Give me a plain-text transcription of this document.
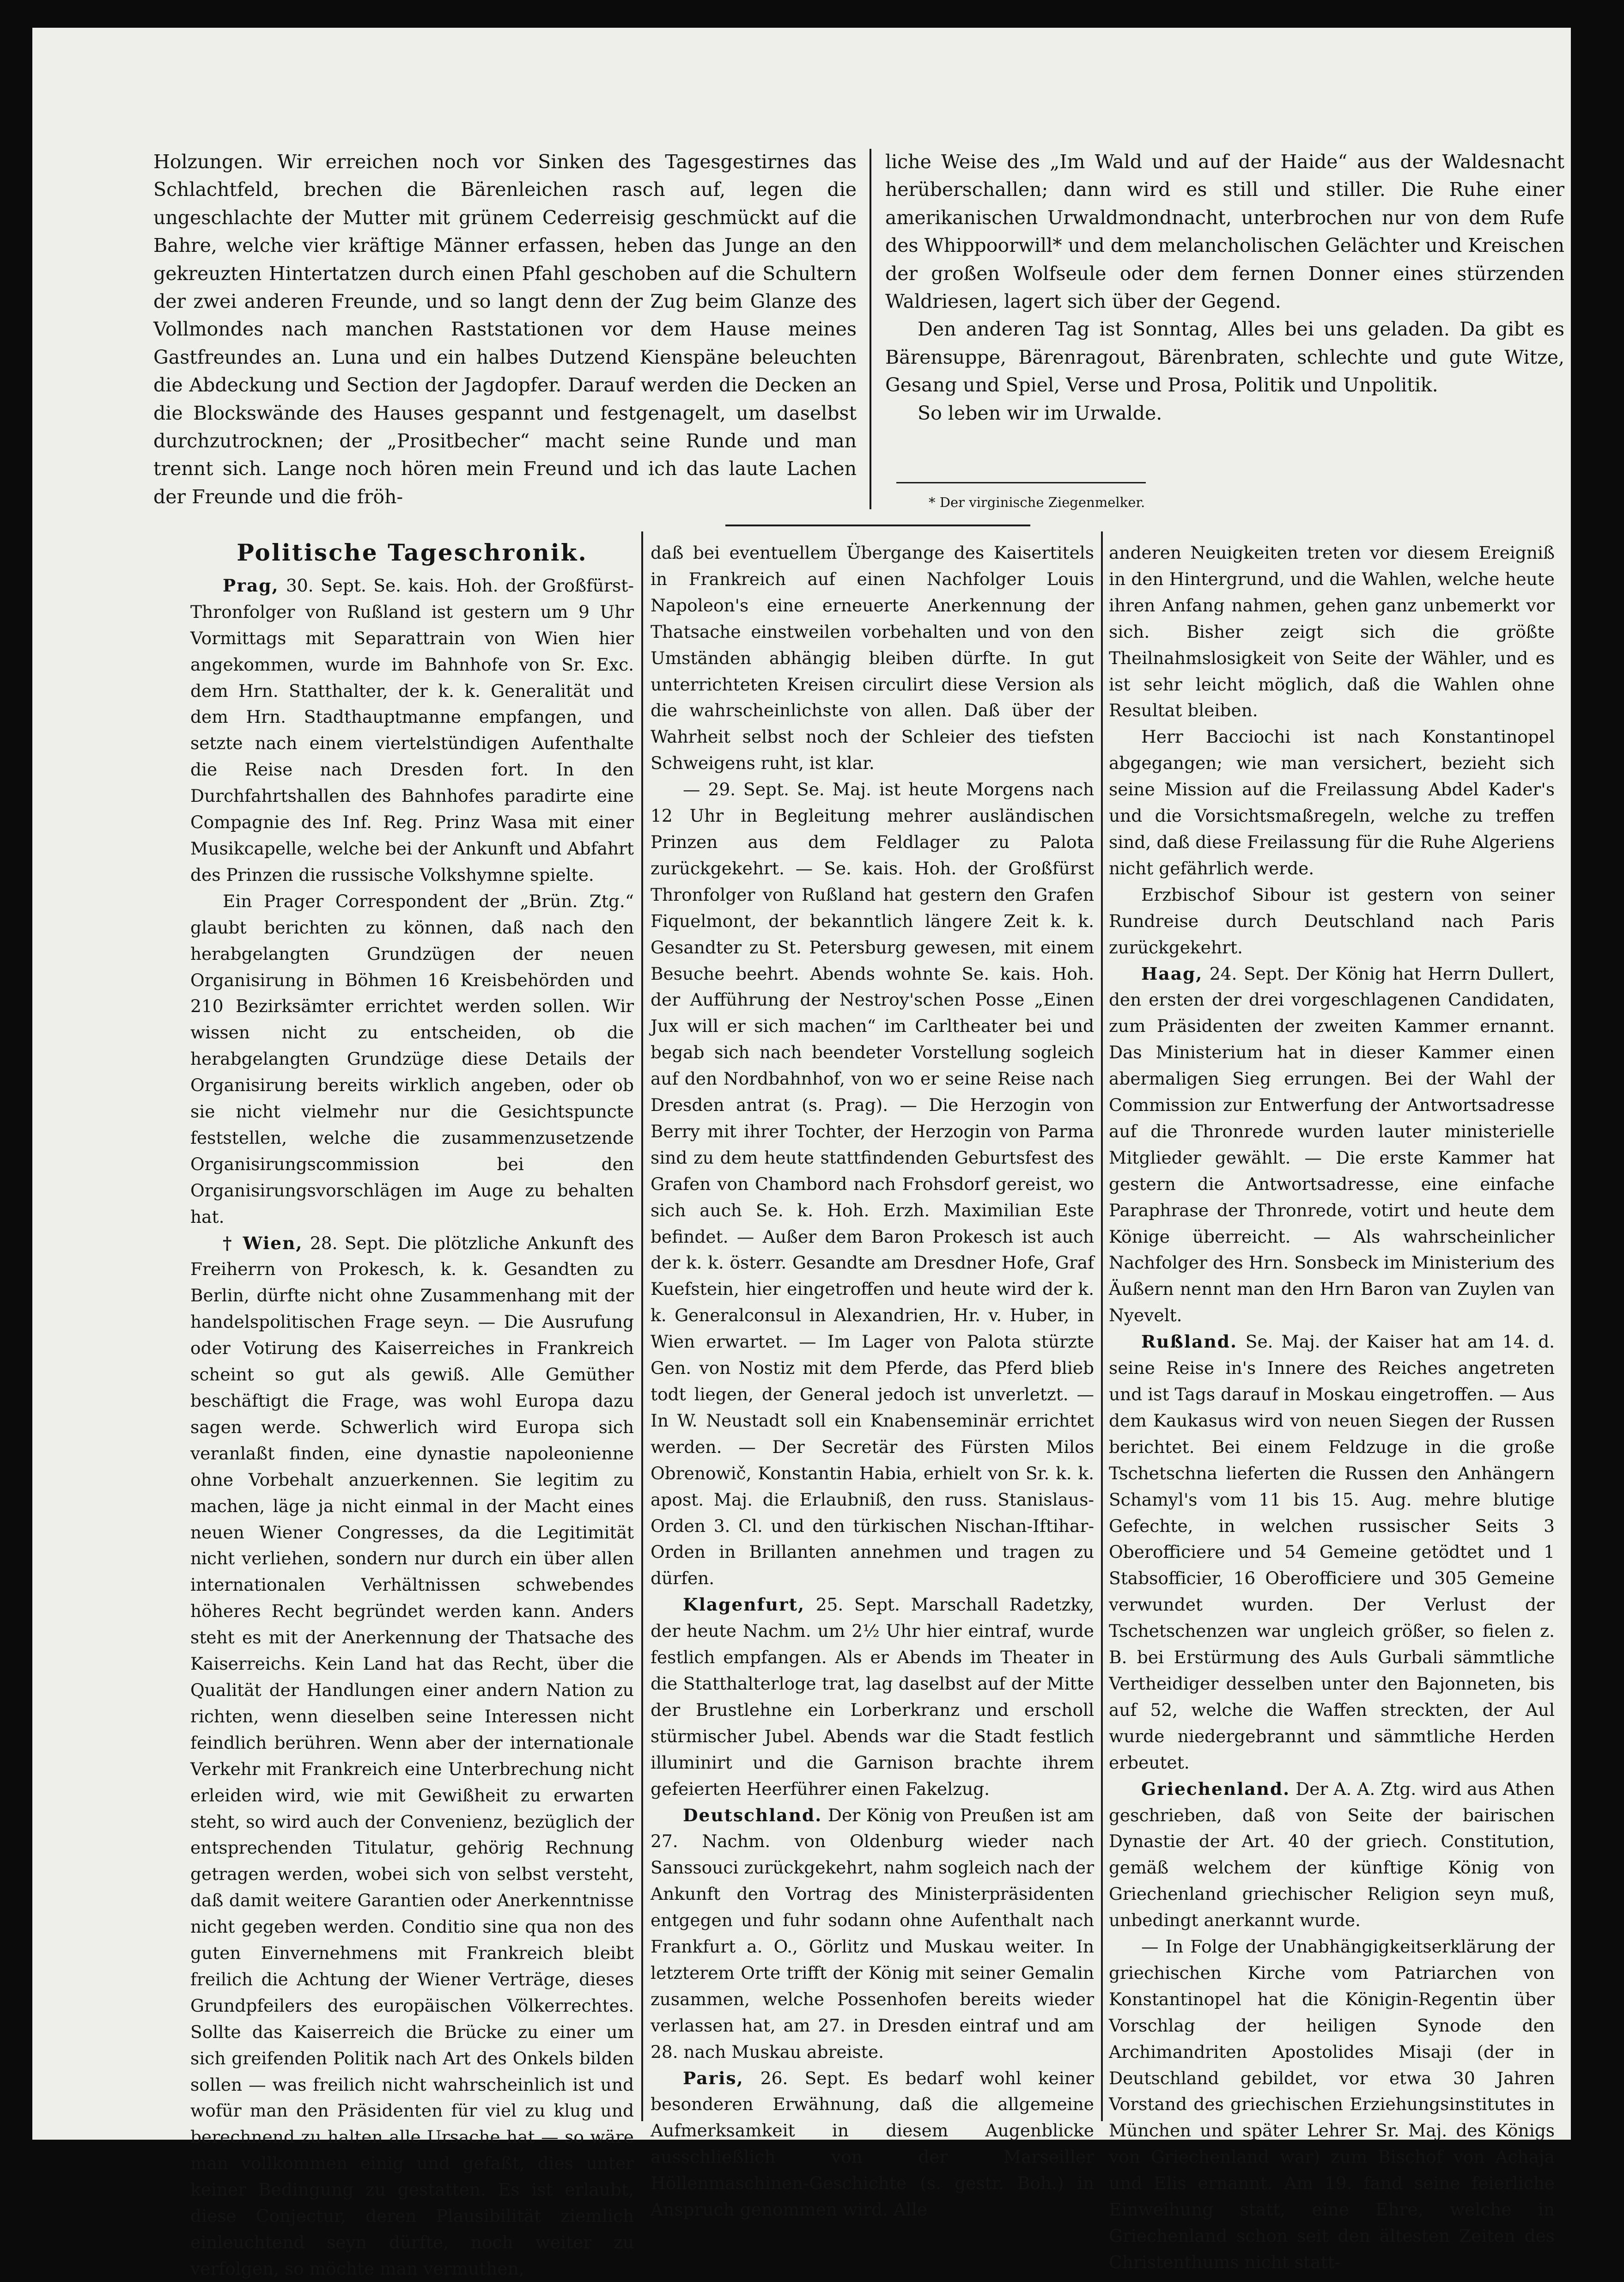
Holzungen. Wir erreichen noch vor Sinken des Tagesgestirnes das Schlachtfeld, brechen die Bärenleichen rasch auf, legen die ungeschlachte der Mutter mit grünem Cederreisig geschmückt auf die Bahre, welche vier kräftige Männer erfassen, heben das Junge an den gekreuzten Hintertatzen durch einen Pfahl geschoben auf die Schultern der zwei anderen Freunde, und so langt denn der Zug beim Glanze des Vollmondes nach manchen Raststationen vor dem Hause meines Gastfreundes an. Luna und ein halbes Dutzend Kienspäne beleuchten die Abdeckung und Section der Jagdopfer. Darauf werden die Decken an die Blockswände des Hauses gespannt und festgenagelt, um daselbst durchzutrocknen; der „Prositbecher“ macht seine Runde und man trennt sich. Lange noch hören mein Freund und ich das laute Lachen der Freunde und die fröh-

liche Weise des „Im Wald und auf der Haide“ aus der Waldesnacht herüberschallen; dann wird es still und stiller. Die Ruhe einer amerikanischen Urwaldmondnacht, unterbrochen nur von dem Rufe des Whippoorwill* und dem melancholischen Gelächter und Kreischen der großen Wolfseule oder dem fernen Donner eines stürzenden Waldriesen, lagert sich über der Gegend.

Den anderen Tag ist Sonntag, Alles bei uns geladen. Da gibt es Bärensuppe, Bärenragout, Bärenbraten, schlechte und gute Witze, Gesang und Spiel, Verse und Prosa, Politik und Unpolitik.

So leben wir im Urwalde.

* Der virginische Ziegenmelker.

Politische Tageschronik.

Prag, 30. Sept. Se. kais. Hoh. der Großfürst-Thronfolger von Rußland ist gestern um 9 Uhr Vormittags mit Separattrain von Wien hier angekommen, wurde im Bahnhofe von Sr. Exc. dem Hrn. Statthalter, der k. k. Generalität und dem Hrn. Stadthauptmanne empfangen, und setzte nach einem viertelstündigen Aufenthalte die Reise nach Dresden fort. In den Durchfahrtshallen des Bahnhofes paradirte eine Compagnie des Inf. Reg. Prinz Wasa mit einer Musikcapelle, welche bei der Ankunft und Abfahrt des Prinzen die russische Volkshymne spielte.

Ein Prager Correspondent der „Brün. Ztg.“ glaubt berichten zu können, daß nach den herabgelangten Grundzügen der neuen Organisirung in Böhmen 16 Kreisbehörden und 210 Bezirksämter errichtet werden sollen. Wir wissen nicht zu entscheiden, ob die herabgelangten Grundzüge diese Details der Organisirung bereits wirklich angeben, oder ob sie nicht vielmehr nur die Gesichtspuncte feststellen, welche die zusammenzusetzende Organisirungscommission bei den Organisirungsvorschlägen im Auge zu behalten hat.

† Wien, 28. Sept. Die plötzliche Ankunft des Freiherrn von Prokesch, k. k. Gesandten zu Berlin, dürfte nicht ohne Zusammenhang mit der handelspolitischen Frage seyn. — Die Ausrufung oder Votirung des Kaiserreiches in Frankreich scheint so gut als gewiß. Alle Gemüther beschäftigt die Frage, was wohl Europa dazu sagen werde. Schwerlich wird Europa sich veranlaßt finden, eine dynastie napoleonienne ohne Vorbehalt anzuerkennen. Sie legitim zu machen, läge ja nicht einmal in der Macht eines neuen Wiener Congresses, da die Legitimität nicht verliehen, sondern nur durch ein über allen internationalen Verhältnissen schwebendes höheres Recht begründet werden kann. Anders steht es mit der Anerkennung der Thatsache des Kaiserreichs. Kein Land hat das Recht, über die Qualität der Handlungen einer andern Nation zu richten, wenn dieselben seine Interessen nicht feindlich berühren. Wenn aber der internationale Verkehr mit Frankreich eine Unterbrechung nicht erleiden wird, wie mit Gewißheit zu erwarten steht, so wird auch der Convenienz, bezüglich der entsprechenden Titulatur, gehörig Rechnung getragen werden, wobei sich von selbst versteht, daß damit weitere Garantien oder Anerkenntnisse nicht gegeben werden. Conditio sine qua non des guten Einvernehmens mit Frankreich bleibt freilich die Achtung der Wiener Verträge, dieses Grundpfeilers des europäischen Völkerrechtes. Sollte das Kaiserreich die Brücke zu einer um sich greifenden Politik nach Art des Onkels bilden sollen — was freilich nicht wahrscheinlich ist und wofür man den Präsidenten für viel zu klug und berechnend zu halten alle Ursache hat — so wäre man vollkommen einig und gefaßt, dies unter keiner Bedingung zu gestatten. Es ist erlaubt, diese Conjectur, deren Plausibilität ziemlich einleuchtend seyn dürfte, noch weiter zu verfolgen, so möchte man vermuthen,

daß bei eventuellem Übergange des Kaisertitels in Frankreich auf einen Nachfolger Louis Napoleon's eine erneuerte Anerkennung der Thatsache einstweilen vorbehalten und von den Umständen abhängig bleiben dürfte. In gut unterrichteten Kreisen circulirt diese Version als die wahrscheinlichste von allen. Daß über der Wahrheit selbst noch der Schleier des tiefsten Schweigens ruht, ist klar.

— 29. Sept. Se. Maj. ist heute Morgens nach 12 Uhr in Begleitung mehrer ausländischen Prinzen aus dem Feldlager zu Palota zurückgekehrt. — Se. kais. Hoh. der Großfürst Thronfolger von Rußland hat gestern den Grafen Fiquelmont, der bekanntlich längere Zeit k. k. Gesandter zu St. Petersburg gewesen, mit einem Besuche beehrt. Abends wohnte Se. kais. Hoh. der Aufführung der Nestroy'schen Posse „Einen Jux will er sich machen“ im Carltheater bei und begab sich nach beendeter Vorstellung sogleich auf den Nordbahnhof, von wo er seine Reise nach Dresden antrat (s. Prag). — Die Herzogin von Berry mit ihrer Tochter, der Herzogin von Parma sind zu dem heute stattfindenden Geburtsfest des Grafen von Chambord nach Frohsdorf gereist, wo sich auch Se. k. Hoh. Erzh. Maximilian Este befindet. — Außer dem Baron Prokesch ist auch der k. k. österr. Gesandte am Dresdner Hofe, Graf Kuefstein, hier eingetroffen und heute wird der k. k. Generalconsul in Alexandrien, Hr. v. Huber, in Wien erwartet. — Im Lager von Palota stürzte Gen. von Nostiz mit dem Pferde, das Pferd blieb todt liegen, der General jedoch ist unverletzt. — In W. Neustadt soll ein Knabenseminär errichtet werden. — Der Secretär des Fürsten Milos Obrenowič, Konstantin Habia, erhielt von Sr. k. k. apost. Maj. die Erlaubniß, den russ. Stanislaus-Orden 3. Cl. und den türkischen Nischan-Iftihar-Orden in Brillanten annehmen und tragen zu dürfen.

Klagenfurt, 25. Sept. Marschall Radetzky, der heute Nachm. um 2½ Uhr hier eintraf, wurde festlich empfangen. Als er Abends im Theater in die Statthalterloge trat, lag daselbst auf der Mitte der Brustlehne ein Lorberkranz und erscholl stürmischer Jubel. Abends war die Stadt festlich illuminirt und die Garnison brachte ihrem gefeierten Heerführer einen Fakelzug.

Deutschland. Der König von Preußen ist am 27. Nachm. von Oldenburg wieder nach Sanssouci zurückgekehrt, nahm sogleich nach der Ankunft den Vortrag des Ministerpräsidenten entgegen und fuhr sodann ohne Aufenthalt nach Frankfurt a. O., Görlitz und Muskau weiter. In letzterem Orte trifft der König mit seiner Gemalin zusammen, welche Possenhofen bereits wieder verlassen hat, am 27. in Dresden eintraf und am 28. nach Muskau abreiste.

Paris, 26. Sept. Es bedarf wohl keiner besonderen Erwähnung, daß die allgemeine Aufmerksamkeit in diesem Augenblicke ausschließlich von der Marseiller Höllenmaschinen-Geschichte (s. gestr. Boh.) in Anspruch genommen wird. Alle

anderen Neuigkeiten treten vor diesem Ereigniß in den Hintergrund, und die Wahlen, welche heute ihren Anfang nahmen, gehen ganz unbemerkt vor sich. Bisher zeigt sich die größte Theilnahmslosigkeit von Seite der Wähler, und es ist sehr leicht möglich, daß die Wahlen ohne Resultat bleiben.

Herr Bacciochi ist nach Konstantinopel abgegangen; wie man versichert, bezieht sich seine Mission auf die Freilassung Abdel Kader's und die Vorsichtsmaßregeln, welche zu treffen sind, daß diese Freilassung für die Ruhe Algeriens nicht gefährlich werde.

Erzbischof Sibour ist gestern von seiner Rundreise durch Deutschland nach Paris zurückgekehrt.

Haag, 24. Sept. Der König hat Herrn Dullert, den ersten der drei vorgeschlagenen Candidaten, zum Präsidenten der zweiten Kammer ernannt. Das Ministerium hat in dieser Kammer einen abermaligen Sieg errungen. Bei der Wahl der Commission zur Entwerfung der Antwortsadresse auf die Thronrede wurden lauter ministerielle Mitglieder gewählt. — Die erste Kammer hat gestern die Antwortsadresse, eine einfache Paraphrase der Thronrede, votirt und heute dem Könige überreicht. — Als wahrscheinlicher Nachfolger des Hrn. Sonsbeck im Ministerium des Äußern nennt man den Hrn Baron van Zuylen van Nyevelt.

Rußland. Se. Maj. der Kaiser hat am 14. d. seine Reise in's Innere des Reiches angetreten und ist Tags darauf in Moskau eingetroffen. — Aus dem Kaukasus wird von neuen Siegen der Russen berichtet. Bei einem Feldzuge in die große Tschetschna lieferten die Russen den Anhängern Schamyl's vom 11 bis 15. Aug. mehre blutige Gefechte, in welchen russischer Seits 3 Oberofficiere und 54 Gemeine getödtet und 1 Stabsofficier, 16 Oberofficiere und 305 Gemeine verwundet wurden. Der Verlust der Tschetschenzen war ungleich größer, so fielen z. B. bei Erstürmung des Auls Gurbali sämmtliche Vertheidiger desselben unter den Bajonneten, bis auf 52, welche die Waffen streckten, der Aul wurde niedergebrannt und sämmtliche Herden erbeutet.

Griechenland. Der A. A. Ztg. wird aus Athen geschrieben, daß von Seite der bairischen Dynastie der Art. 40 der griech. Constitution, gemäß welchem der künftige König von Griechenland griechischer Religion seyn muß, unbedingt anerkannt wurde.

— In Folge der Unabhängigkeitserklärung der griechischen Kirche vom Patriarchen von Konstantinopel hat die Königin-Regentin über Vorschlag der heiligen Synode den Archimandriten Apostolides Misaji (der in Deutschland gebildet, vor etwa 30 Jahren Vorstand des griechischen Erziehungsinstitutes in München und später Lehrer Sr. Maj. des Königs von Griechenland war) zum Bischof von Achaja und Elis ernannt. Am 19. fand seine feierliche Einweihung statt, eine Ehre, welche in Griechenland schon seit den ältesten Zeiten des Christenthums nicht statt-
